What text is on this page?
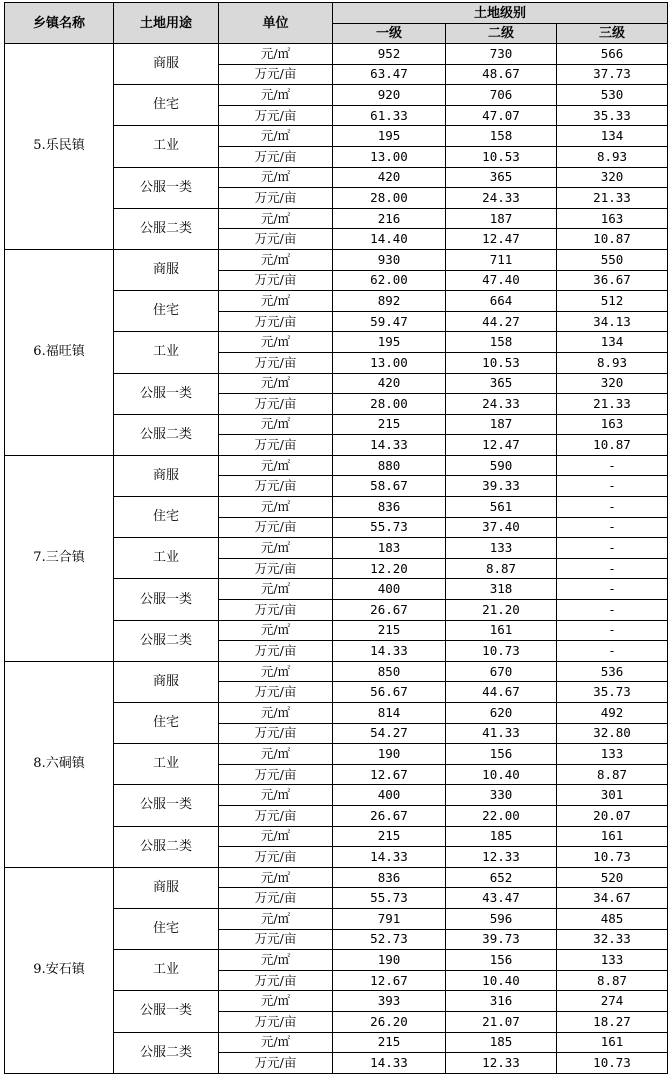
乡镇名称	土地用途	单位	土地级别		
			一级	二级	三级
5.乐民镇	商服	元/㎡	952	730	566
		万元/亩	63.47	48.67	37.73
	住宅	元/㎡	920	706	530
		万元/亩	61.33	47.07	35.33
	工业	元/㎡	195	158	134
		万元/亩	13.00	10.53	8.93
	公服一类	元/㎡	420	365	320
		万元/亩	28.00	24.33	21.33
	公服二类	元/㎡	216	187	163
		万元/亩	14.40	12.47	10.87
6.福旺镇	商服	元/㎡	930	711	550
		万元/亩	62.00	47.40	36.67
	住宅	元/㎡	892	664	512
		万元/亩	59.47	44.27	34.13
	工业	元/㎡	195	158	134
		万元/亩	13.00	10.53	8.93
	公服一类	元/㎡	420	365	320
		万元/亩	28.00	24.33	21.33
	公服二类	元/㎡	215	187	163
		万元/亩	14.33	12.47	10.87
7.三合镇	商服	元/㎡	880	590	-
		万元/亩	58.67	39.33	-
	住宅	元/㎡	836	561	-
		万元/亩	55.73	37.40	-
	工业	元/㎡	183	133	-
		万元/亩	12.20	8.87	-
	公服一类	元/㎡	400	318	-
		万元/亩	26.67	21.20	-
	公服二类	元/㎡	215	161	-
		万元/亩	14.33	10.73	-
8.六硐镇	商服	元/㎡	850	670	536
		万元/亩	56.67	44.67	35.73
	住宅	元/㎡	814	620	492
		万元/亩	54.27	41.33	32.80
	工业	元/㎡	190	156	133
		万元/亩	12.67	10.40	8.87
	公服一类	元/㎡	400	330	301
		万元/亩	26.67	22.00	20.07
	公服二类	元/㎡	215	185	161
		万元/亩	14.33	12.33	10.73
9.安石镇	商服	元/㎡	836	652	520
		万元/亩	55.73	43.47	34.67
	住宅	元/㎡	791	596	485
		万元/亩	52.73	39.73	32.33
	工业	元/㎡	190	156	133
		万元/亩	12.67	10.40	8.87
	公服一类	元/㎡	393	316	274
		万元/亩	26.20	21.07	18.27
	公服二类	元/㎡	215	185	161
		万元/亩	14.33	12.33	10.73
